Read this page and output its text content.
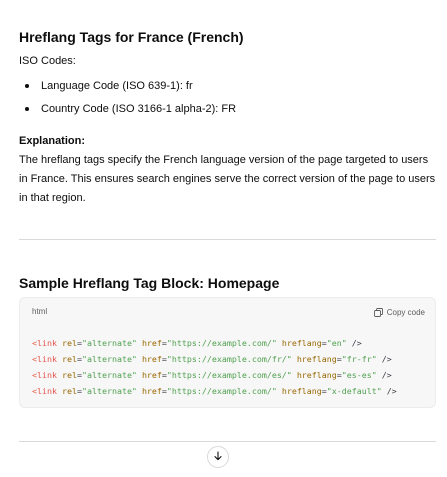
Hreflang Tags for France (French)
ISO Codes:
Language Code (ISO 639-1): fr
Country Code (ISO 3166-1 alpha-2): FR
Explanation:
The hreflang tags specify the French language version of the page targeted to users in France. This ensures search engines serve the correct version of the page to users in that region.
Sample Hreflang Tag Block: Homepage
html	Copy code
<link rel="alternate" href="https://example.com/" hreflang="en" />
<link rel="alternate" href="https://example.com/fr/" hreflang="fr-fr" />
<link rel="alternate" href="https://example.com/es/" hreflang="es-es" />
<link rel="alternate" href="https://example.com/" hreflang="x-default" />
